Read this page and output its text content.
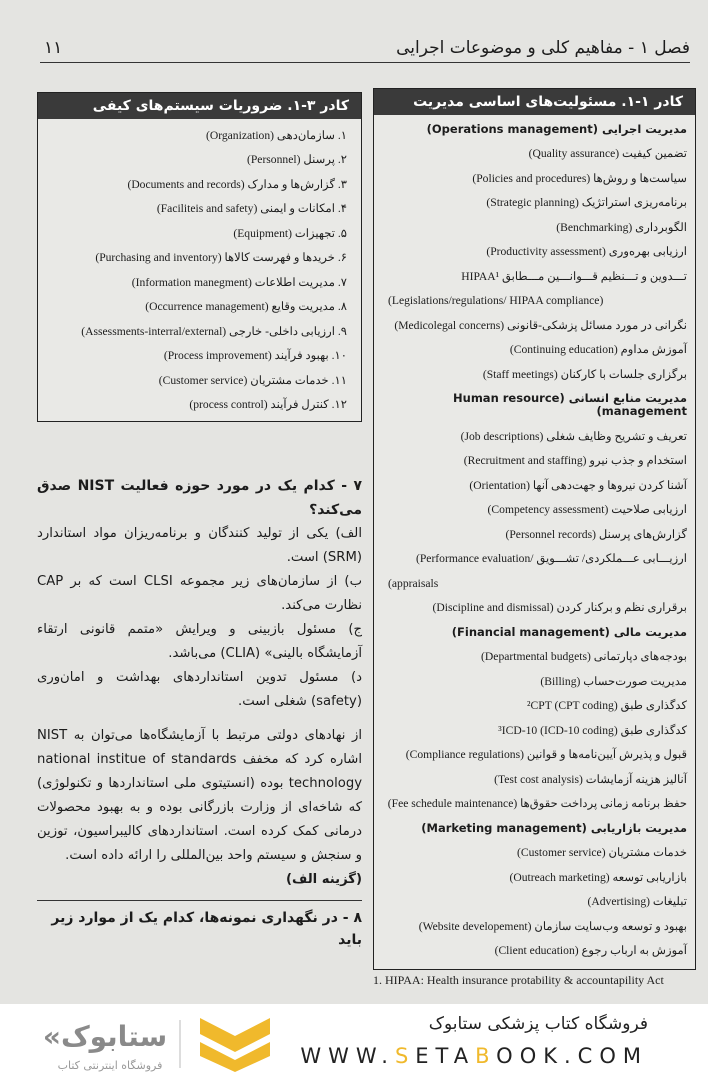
فصل ۱ - مفاهیم کلی و موضوعات اجرایی
۱۱
کادر ۳-۱. ضروریات سیستم‌های کیفی
۱. سازمان‌دهی (Organization)
۲. پرسنل (Personnel)
۳. گزارش‌ها و مدارک (Documents and records)
۴. امکانات و ایمنی (Faciliteis and safety)
۵. تجهیزات (Equipment)
۶. خریدها و فهرست کالاها (Purchasing and inventory)
۷. مدیریت اطلاعات (Information manegment)
۸. مدیریت وقایع (Occurrence management)
۹. ارزیابی داخلی- خارجی (Assessments-interral/external)
۱۰. بهبود فرآیند (Process improvement)
۱۱. خدمات مشتریان (Customer service)
۱۲. کنترل فرآیند (process control)
کادر ۱-۱. مسئولیت‌های اساسی مدیریت
مدیریت اجرایی (Operations management)
تضمین کیفیت (Quality assurance)
سیاست‌ها و روش‌ها (Policies and procedures)
برنامه‌ریزی استراتژیک (Strategic planning)
الگوبرداری (Benchmarking)
ارزیابی بهره‌وری (Productivity assessment)
تـــدوین و تـــنظیم قـــوانـــین مـــطابق HIPAA¹
(Legislations/regulations/ HIPAA compliance)
نگرانی در مورد مسائل پزشکی-قانونی (Medicolegal concerns)
آموزش مداوم (Continuing education)
برگزاری جلسات با کارکنان (Staff meetings)
مدیریت منابع انسانی (Human resource management)
تعریف و تشریح وظایف شغلی (Job descriptions)
استخدام و جذب نیرو (Recruitment and staffing)
آشنا کردن نیروها و جهت‌دهی آنها (Orientation)
ارزیابی صلاحیت (Competency assessment)
گزارش‌های پرسنل (Personnel records)
ارزیـــابی عـــملکردی/ تشـــویق /Performance evaluation)
appraisals)
برقراری نظم و برکنار کردن (Discipline and dismissal)
مدیریت مالی (Financial management)
بودجه‌های دپارتمانی (Departmental budgets)
مدیریت صورت‌حساب (Billing)
کدگذاری طبق ²CPT (CPT coding)
کدگذاری طبق ³ICD-10 (ICD-10 coding)
قبول و پذیرش آیین‌نامه‌ها و قوانین (Compliance regulations)
آنالیز هزینه آزمایشات (Test cost analysis)
حفظ برنامه زمانی پرداخت حقوق‌ها (Fee schedule maintenance)
مدیریت بازاریابی (Marketing management)
خدمات مشتریان (Customer service)
بازاریابی توسعه (Outreach marketing)
تبلیغات (Advertising)
بهبود و توسعه وب‌سایت سازمان (Website developement)
آموزش به ارباب رجوع (Client education)
1. HIPAA: Health insurance protability & accountapility Act
۷ - کدام یک در مورد حوزه فعالیت NIST صدق می‌کند؟
الف) یکی از تولید کنندگان و برنامه‌ریزان مواد استاندارد (SRM) است.
ب) از سازمان‌های زیر مجموعه CLSI است که بر CAP نظارت می‌کند.
ج) مسئول بازبینی و ویرایش «متمم قانونی ارتقاء آزمایشگاه بالینی» (CLIA) می‌باشد.
د) مسئول تدوین استانداردهای بهداشت و امان‌وری (safety) شغلی است.
از نهادهای دولتی مرتبط با آزمایشگاه‌ها می‌توان به NIST اشاره کرد که مخفف national institue of standards technology بوده (انستیتوی ملی استانداردها و تکنولوژی) که شاخه‌ای از وزارت بازرگانی بوده و به بهبود محصولات درمانی کمک کرده است. استانداردهای کالیبراسیون، توزین و سنجش و سیستم واحد بین‌المللی را ارائه داده است.
(گزینه الف)
۸ - در نگهداری نمونه‌ها، کدام یک از موارد زیر باید
فروشگاه کتاب پزشکی ستابوک
WWW.SETABOOK.COM
«ستابوک
فروشگاه اینترنتی کتاب
